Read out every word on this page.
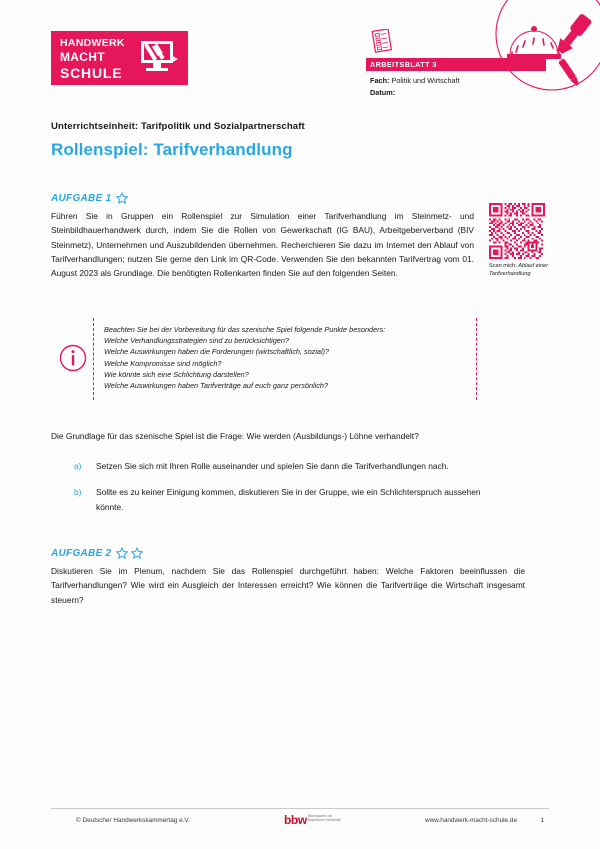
HANDWERK
MACHT
SCHULE	ARBEITSBLATT 3
Fach: Politik und Wirtschaft
Datum:
Unterrichtseinheit: Tarifpolitik und Sozialpartnerschaft
Rollenspiel: Tarifverhandlung
AUFGABE 1
Führen Sie in Gruppen ein Rollenspiel zur Simulation einer Tarifverhandlung im Steinmetz- und Steinbildhauerhandwerk durch, indem Sie die Rollen von Gewerkschaft (IG BAU), Arbeitgeberverband (BIV Steinmetz), Unternehmen und Auszubildenden übernehmen. Recherchieren Sie dazu im Internet den Ablauf von Tarifverhandlungen; nutzen Sie gerne den Link im QR-Code. Verwenden Sie den bekannten Tarifvertrag vom 01. August 2023 als Grundlage. Die benötigten Rollenkarten finden Sie auf den folgenden Seiten.
Scan mich: Ablauf einer Tarifverhandlung
Beachten Sie bei der Vorbereitung für das szenische Spiel folgende Punkte besonders:
Welche Verhandlungsstrategien sind zu berücksichtigen?
Welche Auswirkungen haben die Forderungen (wirtschaftlich, sozial)?
Welche Kompromisse sind möglich?
Wie könnte sich eine Schlichtung darstellen?
Welche Auswirkungen haben Tarifverträge auf euch ganz persönlich?
Die Grundlage für das szenische Spiel ist die Frage: Wie werden (Ausbildungs-) Löhne verhandelt?
a) Setzen Sie sich mit Ihren Rolle auseinander und spielen Sie dann die Tarifverhandlungen nach.
b) Sollte es zu keiner Einigung kommen, diskutieren Sie in der Gruppe, wie ein Schlichterspruch aussehen könnte.
AUFGABE 2
Diskutieren Sie im Plenum, nachdem Sie das Rollenspiel durchgeführt haben: Welche Faktoren beeinflussen die Tarifverhandlungen? Wie wird ein Ausgleich der Interessen erreicht? Wie können die Tarifverträge die Wirtschaft insgesamt steuern?
© Deutscher Handwerkskammertag e.V.	bbw Bildungswerk der Bayerischen Wirtschaft	www.handwerk-macht-schule.de	1
